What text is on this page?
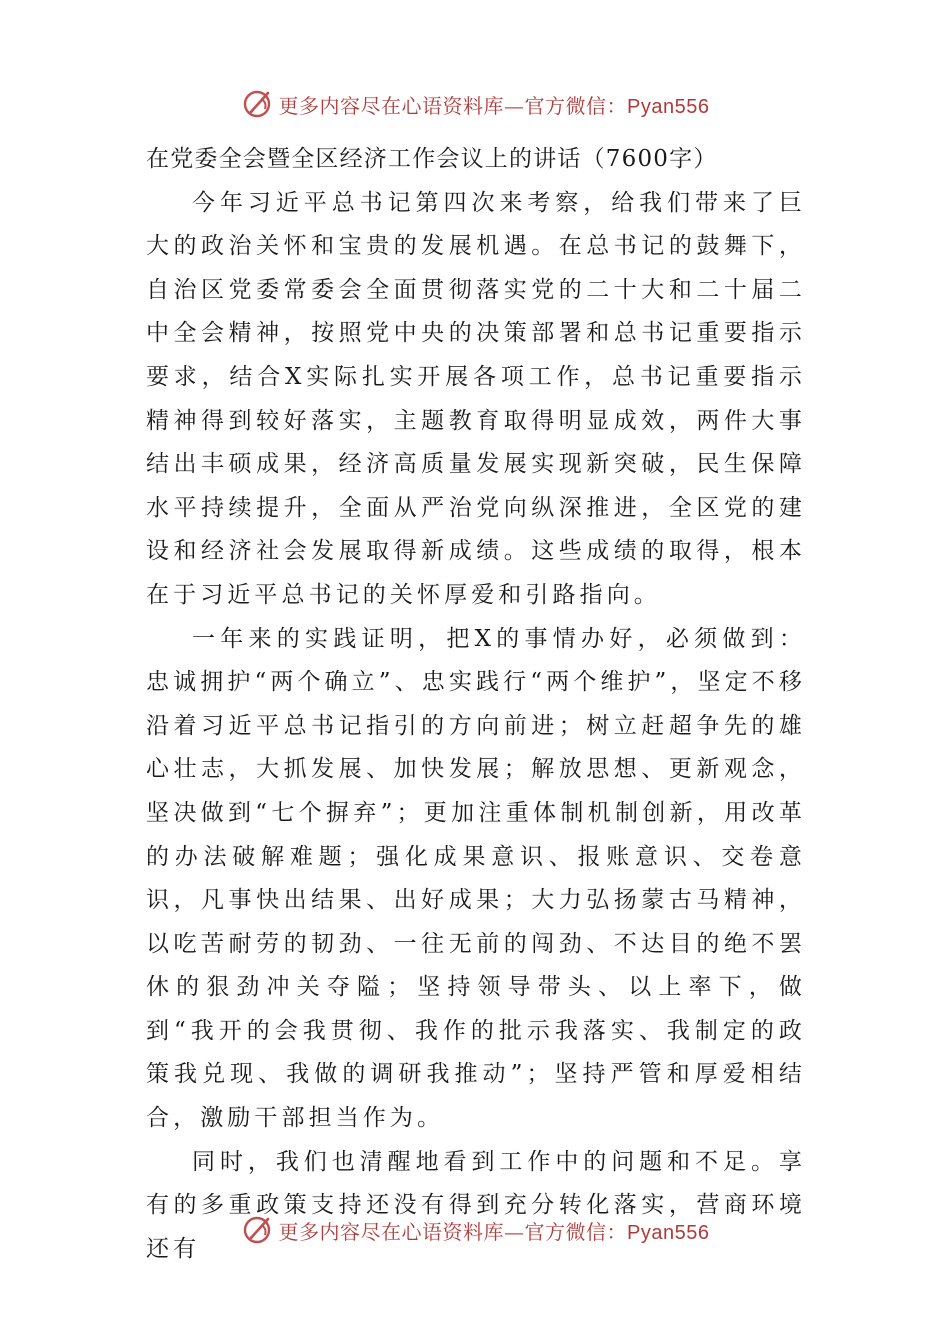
更多内容尽在心语资料库—官方微信：Pyan556
在党委全会暨全区经济工作会议上的讲话（7600字）

今年习近平总书记第四次来考察，给我们带来了巨大的政治关怀和宝贵的发展机遇。在总书记的鼓舞下，自治区党委常委会全面贯彻落实党的二十大和二十届二中全会精神，按照党中央的决策部署和总书记重要指示要求，结合X实际扎实开展各项工作，总书记重要指示精神得到较好落实，主题教育取得明显成效，两件大事结出丰硕成果，经济高质量发展实现新突破，民生保障水平持续提升，全面从严治党向纵深推进，全区党的建设和经济社会发展取得新成绩。这些成绩的取得，根本在于习近平总书记的关怀厚爱和引路指向。

一年来的实践证明，把X的事情办好，必须做到：忠诚拥护“两个确立”、忠实践行“两个维护”，坚定不移沿着习近平总书记指引的方向前进；树立赶超争先的雄心壮志，大抓发展、加快发展；解放思想、更新观念，坚决做到“七个摒弃”；更加注重体制机制创新，用改革的办法破解难题；强化成果意识、报账意识、交卷意识，凡事快出结果、出好成果；大力弘扬蒙古马精神，以吃苦耐劳的韧劲、一往无前的闯劲、不达目的绝不罢休的狠劲冲关夺隘；坚持领导带头、以上率下，做到“我开的会我贯彻、我作的批示我落实、我制定的政策我兑现、我做的调研我推动”；坚持严管和厚爱相结合，激励干部担当作为。

同时，我们也清醒地看到工作中的问题和不足。享有的多重政策支持还没有得到充分转化落实，营商环境还有

更多内容尽在心语资料库—官方微信：Pyan556
